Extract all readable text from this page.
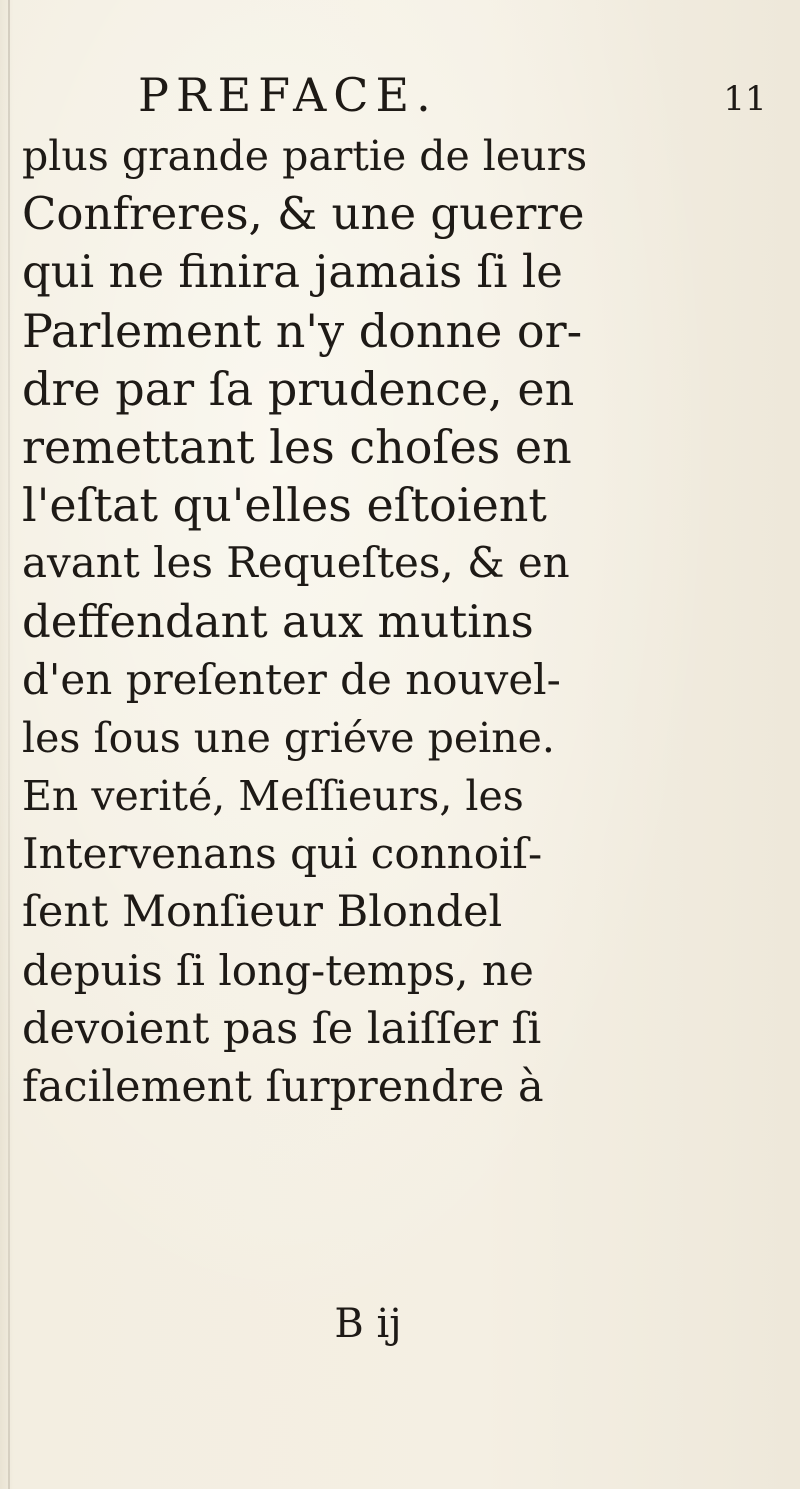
PREFACE.	11
plus grande partie de leurs
Confreres, & une guerre
qui ne finira jamais ſi le
Parlement n'y donne or-
dre par ſa prudence, en
remettant les choſes en
l'eſtat qu'elles eſtoient
avant les Requeſtes, & en
deffendant aux mutins
d'en preſenter de nouvel-
les ſous une griéve peine.
En verité, Meſſieurs, les
Intervenans qui connoiſ-
ſent Monſieur Blondel
depuis ſi long-temps, ne
devoient pas ſe laiſſer ſi
facilement ſurprendre à
B ij
